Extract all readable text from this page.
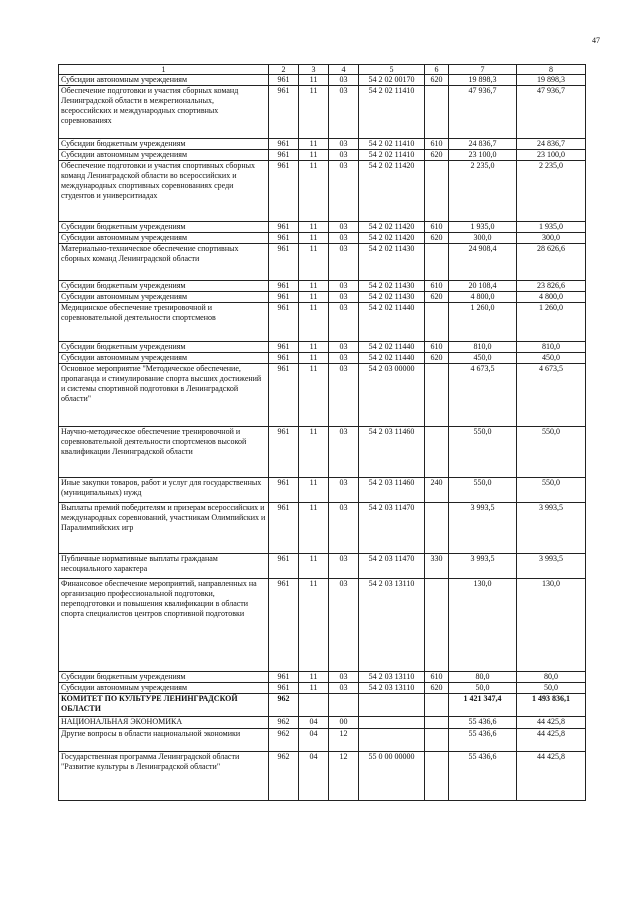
47
1	2	3	4	5	6	7	8
Субсидии автономным учреждениям	961	11	03	54 2 02 00170	620	19 898,3	19 898,3
Обеспечение подготовки и участия сборных команд Ленинградской области в межрегиональных, всероссийских и международных спортивных соревнованиях	961	11	03	54 2 02 11410		47 936,7	47 936,7
Субсидии бюджетным учреждениям	961	11	03	54 2 02 11410	610	24 836,7	24 836,7
Субсидии автономным учреждениям	961	11	03	54 2 02 11410	620	23 100,0	23 100,0
Обеспечение подготовки и участия спортивных сборных команд Ленинградской области во всероссийских и международных спортивных соревнованиях среди студентов и университиадах	961	11	03	54 2 02 11420		2 235,0	2 235,0
Субсидии бюджетным учреждениям	961	11	03	54 2 02 11420	610	1 935,0	1 935,0
Субсидии автономным учреждениям	961	11	03	54 2 02 11420	620	300,0	300,0
Материально-техническое обеспечение спортивных сборных команд Ленинградской области	961	11	03	54 2 02 11430		24 908,4	28 626,6
Субсидии бюджетным учреждениям	961	11	03	54 2 02 11430	610	20 108,4	23 826,6
Субсидии автономным учреждениям	961	11	03	54 2 02 11430	620	4 800,0	4 800,0
Медицинское обеспечение тренировочной и соревновательной деятельности спортсменов	961	11	03	54 2 02 11440		1 260,0	1 260,0
Субсидии бюджетным учреждениям	961	11	03	54 2 02 11440	610	810,0	810,0
Субсидии автономным учреждениям	961	11	03	54 2 02 11440	620	450,0	450,0
Основное мероприятие "Методическое обеспечение, пропаганда и стимулирование спорта высших достижений и системы спортивной подготовки в Ленинградской области"	961	11	03	54 2 03 00000		4 673,5	4 673,5
Научно-методическое обеспечение тренировочной и соревновательной деятельности спортсменов высокой квалификации Ленинградской области	961	11	03	54 2 03 11460		550,0	550,0
Иные закупки товаров, работ и услуг для государственных (муниципальных) нужд	961	11	03	54 2 03 11460	240	550,0	550,0
Выплаты премий победителям и призерам всероссийских и международных соревнований, участникам Олимпийских и Паралимпийских игр	961	11	03	54 2 03 11470		3 993,5	3 993,5
Публичные нормативные выплаты гражданам несоциального характера	961	11	03	54 2 03 11470	330	3 993,5	3 993,5
Финансовое обеспечение мероприятий, направленных на организацию профессиональной подготовки, переподготовки и повышения квалификации в области спорта специалистов центров спортивной подготовки	961	11	03	54 2 03 13110		130,0	130,0
Субсидии бюджетным учреждениям	961	11	03	54 2 03 13110	610	80,0	80,0
Субсидии автономным учреждениям	961	11	03	54 2 03 13110	620	50,0	50,0
КОМИТЕТ ПО КУЛЬТУРЕ ЛЕНИНГРАДСКОЙ ОБЛАСТИ	962					1 421 347,4	1 493 836,1
НАЦИОНАЛЬНАЯ ЭКОНОМИКА	962	04	00			55 436,6	44 425,8
Другие вопросы в области национальной экономики	962	04	12			55 436,6	44 425,8
Государственная программа Ленинградской области "Развитие культуры в Ленинградской области"	962	04	12	55 0 00 00000		55 436,6	44 425,8
